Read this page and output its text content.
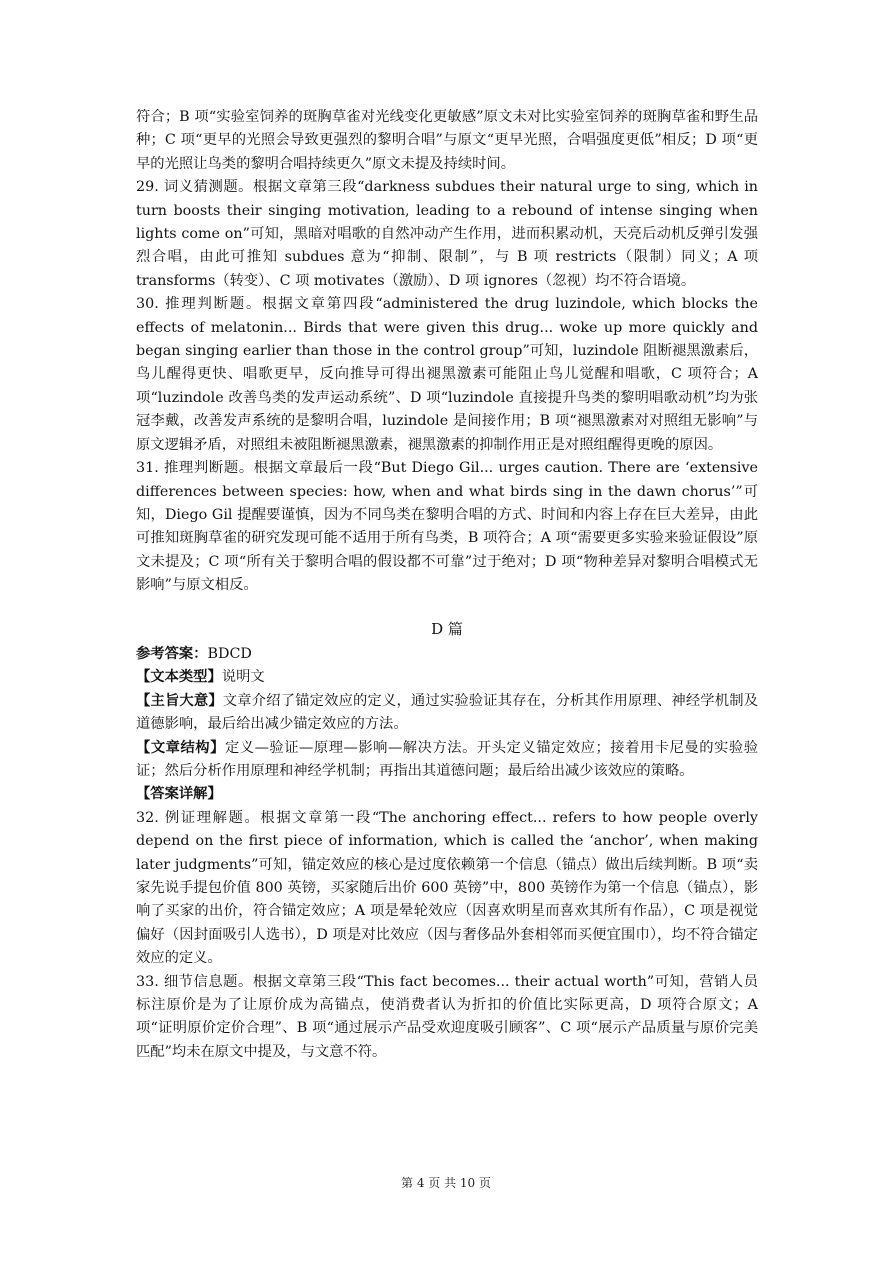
符合；B 项“实验室饲养的斑胸草雀对光线变化更敏感”原文未对比实验室饲养的斑胸草雀和野生品种；C 项“更早的光照会导致更强烈的黎明合唱”与原文“更早光照，合唱强度更低”相反；D 项“更早的光照让鸟类的黎明合唱持续更久”原文未提及持续时间。

29. 词义猜测题。根据文章第三段“darkness subdues their natural urge to sing, which in turn boosts their singing motivation, leading to a rebound of intense singing when lights come on”可知，黑暗对唱歌的自然冲动产生作用，进而积累动机，天亮后动机反弹引发强烈合唱，由此可推知 subdues 意为“抑制、限制”，与 B 项 restricts（限制）同义；A 项 transforms（转变）、C 项 motivates（激励）、D 项 ignores（忽视）均不符合语境。

30. 推理判断题。根据文章第四段“administered the drug luzindole, which blocks the effects of melatonin... Birds that were given this drug... woke up more quickly and began singing earlier than those in the control group”可知，luzindole 阻断褪黑激素后，鸟儿醒得更快、唱歌更早，反向推导可得出褪黑激素可能阻止鸟儿觉醒和唱歌，C 项符合；A 项“luzindole 改善鸟类的发声运动系统”、D 项“luzindole 直接提升鸟类的黎明唱歌动机”均为张冠李戴，改善发声系统的是黎明合唱，luzindole 是间接作用；B 项“褪黑激素对对照组无影响”与原文逻辑矛盾，对照组未被阻断褪黑激素，褪黑激素的抑制作用正是对照组醒得更晚的原因。

31. 推理判断题。根据文章最后一段“But Diego Gil... urges caution. There are ‘extensive differences between species: how, when and what birds sing in the dawn chorus’”可知，Diego Gil 提醒要谨慎，因为不同鸟类在黎明合唱的方式、时间和内容上存在巨大差异，由此可推知斑胸草雀的研究发现可能不适用于所有鸟类，B 项符合；A 项“需要更多实验来验证假设”原文未提及；C 项“所有关于黎明合唱的假设都不可靠”过于绝对；D 项“物种差异对黎明合唱模式无影响”与原文相反。

D 篇

参考答案：BDCD

【文本类型】说明文

【主旨大意】文章介绍了锚定效应的定义，通过实验验证其存在，分析其作用原理、神经学机制及道德影响，最后给出减少锚定效应的方法。

【文章结构】定义—验证—原理—影响—解决方法。开头定义锚定效应；接着用卡尼曼的实验验证；然后分析作用原理和神经学机制；再指出其道德问题；最后给出减少该效应的策略。

【答案详解】

32. 例证理解题。根据文章第一段“The anchoring effect... refers to how people overly depend on the first piece of information, which is called the ‘anchor’, when making later judgments”可知，锚定效应的核心是过度依赖第一个信息（锚点）做出后续判断。B 项“卖家先说手提包价值 800 英镑，买家随后出价 600 英镑”中，800 英镑作为第一个信息（锚点），影响了买家的出价，符合锚定效应；A 项是晕轮效应（因喜欢明星而喜欢其所有作品），C 项是视觉偏好（因封面吸引人选书），D 项是对比效应（因与奢侈品外套相邻而买便宜围巾），均不符合锚定效应的定义。

33. 细节信息题。根据文章第三段“This fact becomes... their actual worth”可知，营销人员标注原价是为了让原价成为高锚点，使消费者认为折扣的价值比实际更高，D 项符合原文；A 项“证明原价定价合理”、B 项“通过展示产品受欢迎度吸引顾客”、C 项“展示产品质量与原价完美匹配”均未在原文中提及，与文意不符。

第 4 页 共 10 页
